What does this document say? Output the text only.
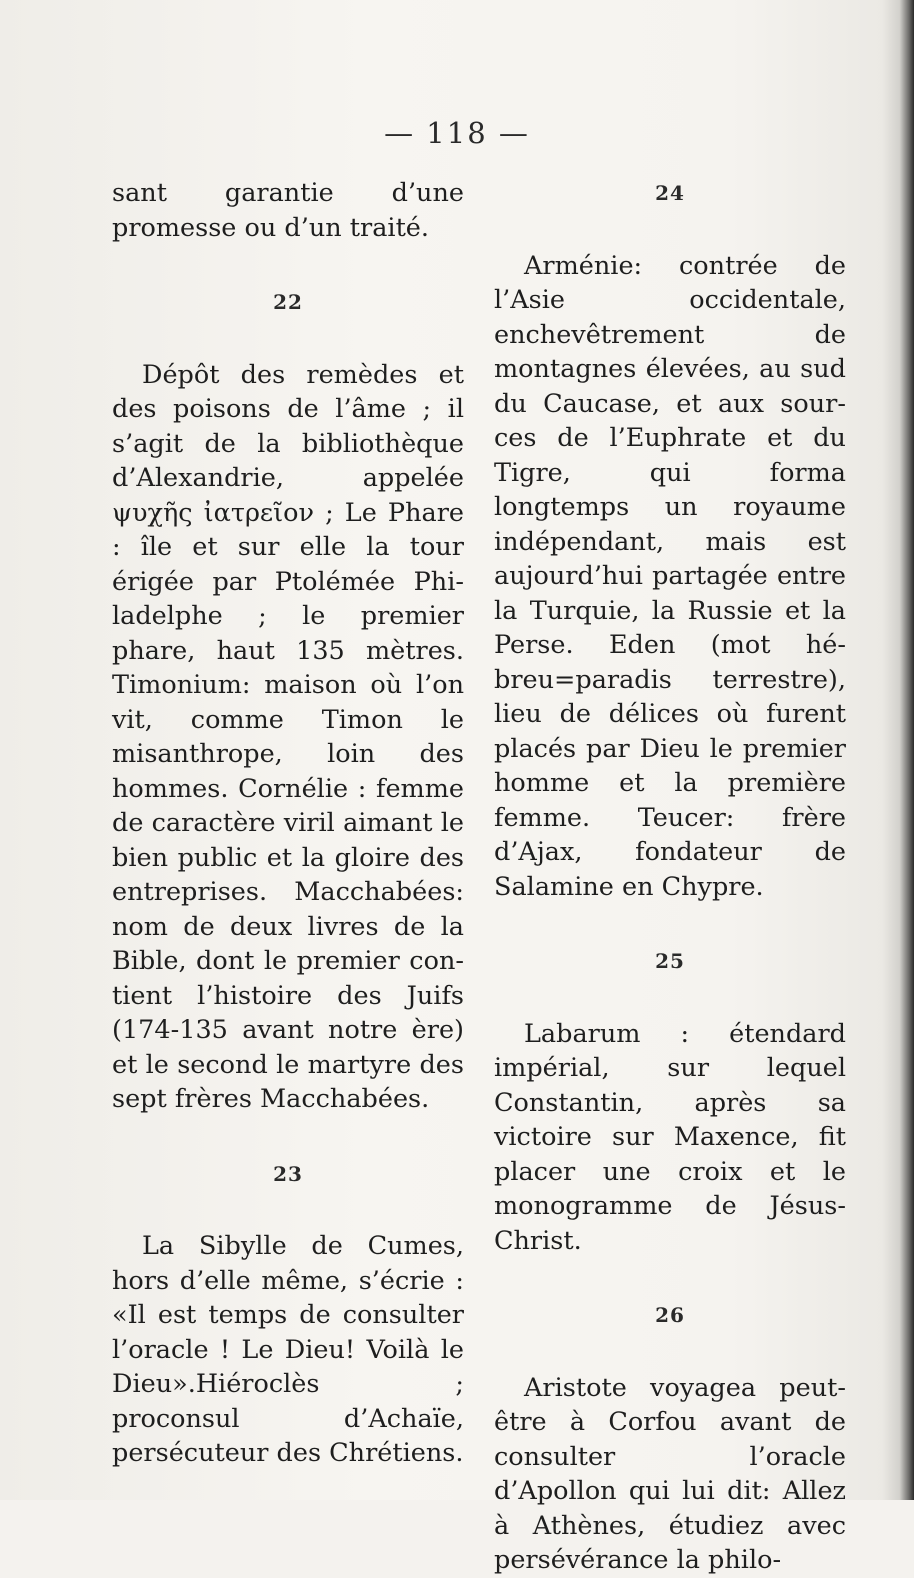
— 118 —

sant garantie d’une promesse ou d’un traité.

22

Dépôt des remèdes et des poisons de l’âme ; il s’agit de la bibliothèque d’Alexandrie, appelée ψυχῆς ἰατρεῖον ; Le Phare : île et sur elle la tour érigée par Ptolémée Philadelphe ; le premier phare, haut 135 mètres. Timonium: maison où l’on vit, comme Timon le misanthrope, loin des hommes. Cornélie : femme de caractère viril aimant le bien public et la gloire des entreprises. Macchabées: nom de deux livres de la Bible, dont le premier contient l’histoire des Juifs (174-135 avant notre ère) et le second le martyre des sept frères Macchabées.

23

La Sibylle de Cumes, hors d’elle même, s’écrie : «Il est temps de consulter l’oracle ! Le Dieu! Voilà le Dieu».Hiéroclès ; proconsul d’Achaïe, persécuteur des Chrétiens.

24

Arménie: contrée de l’Asie occidentale, enchevêtrement de montagnes élevées, au sud du Caucase, et aux sources de l’Euphrate et du Tigre, qui forma longtemps un royaume indépendant, mais est aujourd’hui partagée entre la Turquie, la Russie et la Perse. Eden (mot hébreu=paradis terrestre), lieu de délices où furent placés par Dieu le premier homme et la première femme. Teucer: frère d’Ajax, fondateur de Salamine en Chypre.

25

Labarum : étendard impérial, sur lequel Constantin, après sa victoire sur Maxence, fit placer une croix et le monogramme de Jésus-Christ.

26

Aristote voyagea peut-être à Corfou avant de consulter l’oracle d’Apollon qui lui dit: Allez à Athènes, étudiez avec persévérance la philo-
